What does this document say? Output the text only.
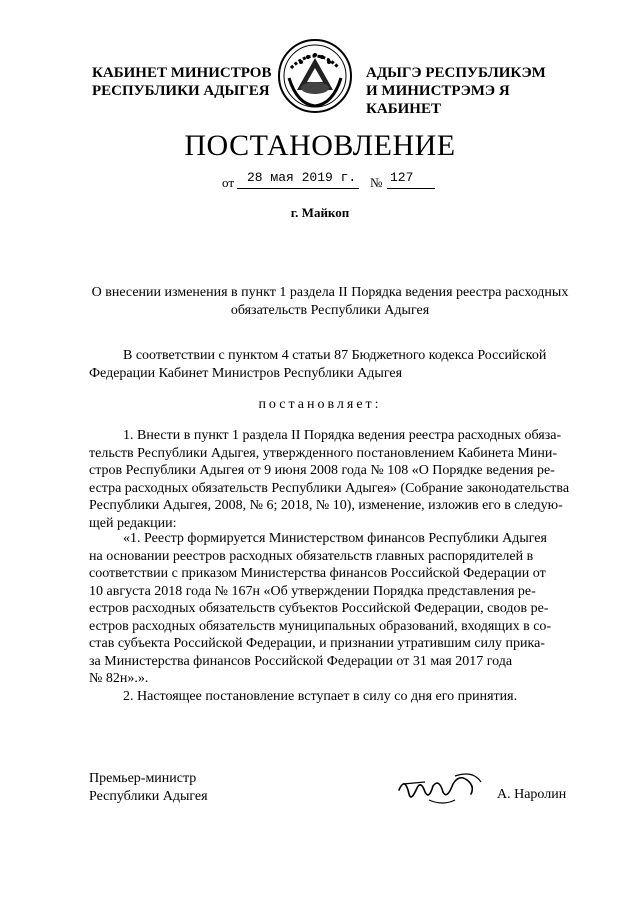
КАБИНЕТ МИНИСТРОВ
РЕСПУБЛИКИ АДЫГЕЯ
АДЫГЭ РЕСПУБЛИКЭМ
И МИНИСТРЭМЭ Я КАБИНЕТ
ПОСТАНОВЛЕНИЕ
от 28 мая 2019 г. № 127
г. Майкоп
О внесении изменения в пункт 1 раздела II Порядка ведения реестра расходных
обязательств Республики Адыгея
В соответствии с пунктом 4 статьи 87 Бюджетного кодекса Российской
Федерации Кабинет Министров Республики Адыгея
постановляет:
1. Внести в пункт 1 раздела II Порядка ведения реестра расходных обяза-
тельств Республики Адыгея, утвержденного постановлением Кабинета Мини-
стров Республики Адыгея от 9 июня 2008 года № 108 «О Порядке ведения ре-
естра расходных обязательств Республики Адыгея» (Собрание законодательства
Республики Адыгея, 2008, № 6; 2018, № 10), изменение, изложив его в следую-
щей редакции:
«1. Реестр формируется Министерством финансов Республики Адыгея
на основании реестров расходных обязательств главных распорядителей в
соответствии с приказом Министерства финансов Российской Федерации от
10 августа 2018 года № 167н «Об утверждении Порядка представления ре-
естров расходных обязательств субъектов Российской Федерации, сводов ре-
естров расходных обязательств муниципальных образований, входящих в со-
став субъекта Российской Федерации, и признании утратившим силу прика-
за Министерства финансов Российской Федерации от 31 мая 2017 года
№ 82н».».
2. Настоящее постановление вступает в силу со дня его принятия.
Премьер-министр
Республики Адыгея	А. Наролин
